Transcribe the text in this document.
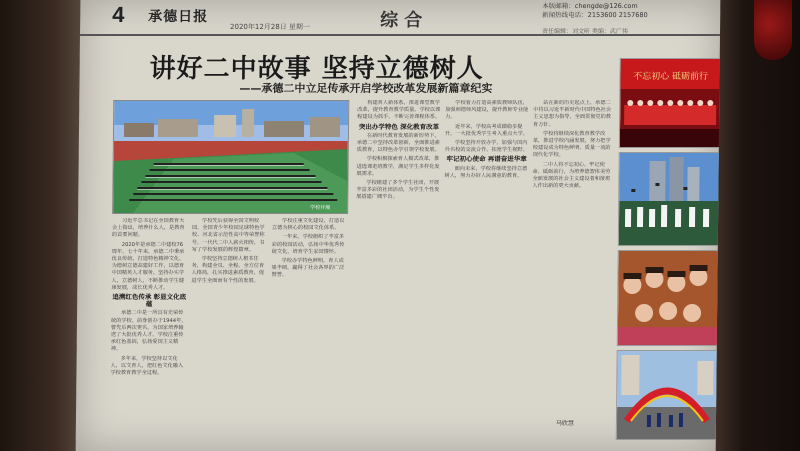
4 承德日报
2020年12月28日 星期一	综合
本版邮箱：chengde@126.com
新闻热线电话：2153600 2157680
责任编辑：刘文昕 美编：武广伟
讲好二中故事 坚持立德树人
——承德二中立足传承开启学校改革发展新篇章纪实
学校开展

习近平总书记在全国教育大会上指出，培养什么人，是教育的首要问题。

2020年是承德二中建校76周年。七十年来，承德二中秉承优良传统，打造特色精神文化，为德树立德高建好工作，以德育中国精英人才服务，坚持办实学人，立德树人，不断推动学生健康发展，成长优秀人才。

追溯红色传承 彰显文化底蕴

承德二中是一所具有光荣传统的学校。前身创办于1944年，曾先后两次更名，为国家培养输送了大批优秀人才。学校注重传承红色基因，弘扬爱国主义精神。

多年来，学校坚持以文化人，以文育人，把红色文化融入学校教育教学全过程。

学校先后获得全国文明校园、全国青少年校园足球特色学校、河北省示范性高中等荣誉称号。一代代二中人薪火相传，书写了学校发展的辉煌篇章。

学校坚持立德树人根本任务，构建全员、全程、全方位育人格局，扎实推进素质教育，促进学生全面而有个性的发展。

学校注重文化建设，打造以立德为核心的校园文化体系。

一年来，学校组织了丰富多彩的校园活动，弘扬中华优秀传统文化，培育学生家国情怀。

学校办学特色鲜明，育人成果丰硕，赢得了社会各界的广泛赞誉。

构建育人新体系，推进课堂教学改革，提升教育教学质量。学校以课程建设为抓手，不断完善课程体系。

突出办学特色 深化教育改革

在新时代教育发展的新形势下，承德二中坚持改革创新，全面推进素质教育，以特色办学引领学校发展。

学校积极探索育人模式改革，推进选课走班教学，满足学生多样化发展需求。

学校组建了多个学生社团，开展丰富多彩的社团活动，为学生个性发展搭建广阔平台。

学校着力打造高素质教师队伍，加强师德师风建设，提升教师专业能力。

近年来，学校高考成绩稳步提升，一大批优秀学生考入重点大学。

学校坚持开放办学，加强与国内外名校的交流合作，拓宽学生视野。

牢记初心使命 再谱奋进华章

面向未来，学校将继续坚持立德树人，努力办好人民满意的教育。

站在新的历史起点上，承德二中将以习近平新时代中国特色社会主义思想为指导，全面贯彻党的教育方针。

学校将继续深化教育教学改革，推进学校内涵发展，努力把学校建设成为特色鲜明、质量一流的现代化学校。

二中人将不忘初心，牢记使命，砥砺前行，为培养德智体美劳全面发展的社会主义建设者和接班人作出新的更大贡献。

马欣慧
不忘初心 砥砺前行
